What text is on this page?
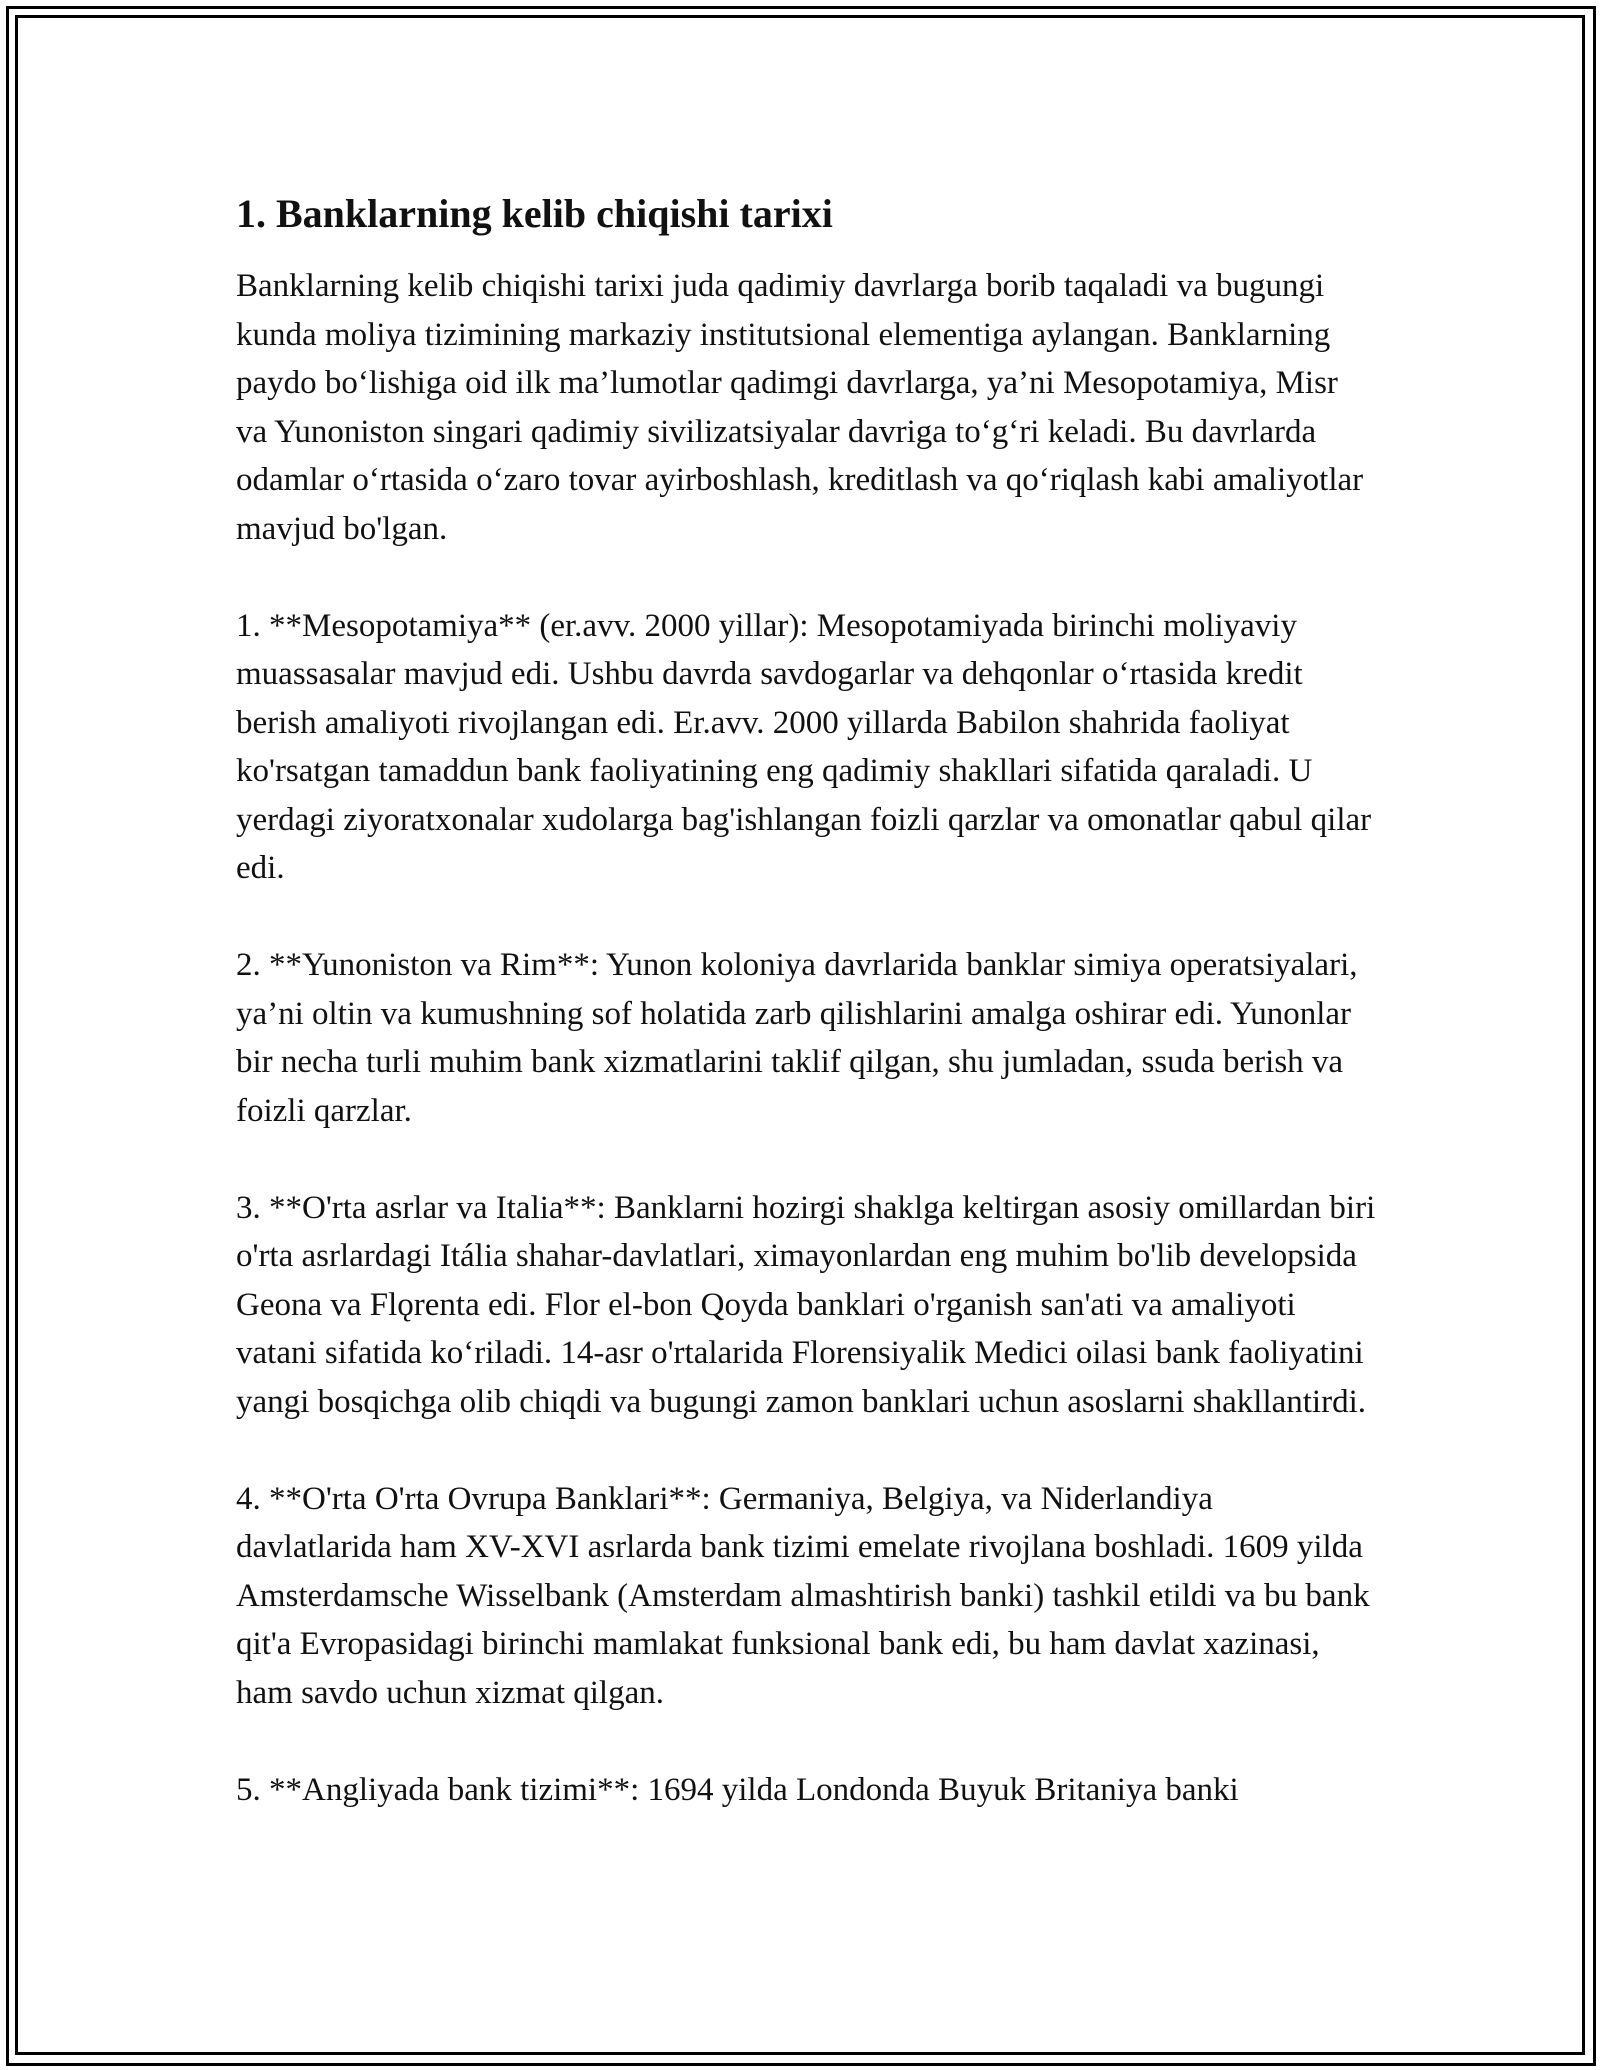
1. Banklarning kelib chiqishi tarixi

Banklarning kelib chiqishi tarixi juda qadimiy davrlarga borib taqaladi va bugungi kunda moliya tizimining markaziy institutsional elementiga aylangan. Banklarning paydo bo‘lishiga oid ilk ma’lumotlar qadimgi davrlarga, ya’ni Mesopotamiya, Misr va Yunoniston singari qadimiy sivilizatsiyalar davriga to‘g‘ri keladi. Bu davrlarda odamlar o‘rtasida o‘zaro tovar ayirboshlash, kreditlash va qo‘riqlash kabi amaliyotlar mavjud bo'lgan.

1. **Mesopotamiya** (er.avv. 2000 yillar): Mesopotamiyada birinchi moliyaviy muassasalar mavjud edi. Ushbu davrda savdogarlar va dehqonlar o‘rtasida kredit berish amaliyoti rivojlangan edi. Er.avv. 2000 yillarda Babilon shahrida faoliyat ko'rsatgan tamaddun bank faoliyatining eng qadimiy shakllari sifatida qaraladi. U yerdagi ziyoratxonalar xudolarga bag'ishlangan foizli qarzlar va omonatlar qabul qilar edi.

2. **Yunoniston va Rim**: Yunon koloniya davrlarida banklar simiya operatsiyalari, ya’ni oltin va kumushning sof holatida zarb qilishlarini amalga oshirar edi. Yunonlar bir necha turli muhim bank xizmatlarini taklif qilgan, shu jumladan, ssuda berish va foizli qarzlar.

3. **O'rta asrlar va Italia**: Banklarni hozirgi shaklga keltirgan asosiy omillardan biri o'rta asrlardagi Itália shahar-davlatlari, ximayonlardan eng muhim bo'lib developsida Geona va Flǫrenta edi. Flor el-bon Qoyda banklari o'rganish san'ati va amaliyoti vatani sifatida ko‘riladi. 14-asr o'rtalarida Florensiyalik Medici oilasi bank faoliyatini yangi bosqichga olib chiqdi va bugungi zamon banklari uchun asoslarni shakllantirdi.

4. **O'rta O'rta Ovrupa Banklari**: Germaniya, Belgiya, va Niderlandiya davlatlarida ham XV-XVI asrlarda bank tizimi emelate rivojlana boshladi. 1609 yilda Amsterdamsche Wisselbank (Amsterdam almashtirish banki) tashkil etildi va bu bank qit'a Evropasidagi birinchi mamlakat funksional bank edi, bu ham davlat xazinasi, ham savdo uchun xizmat qilgan.

5. **Angliyada bank tizimi**: 1694 yilda Londonda Buyuk Britaniya banki
